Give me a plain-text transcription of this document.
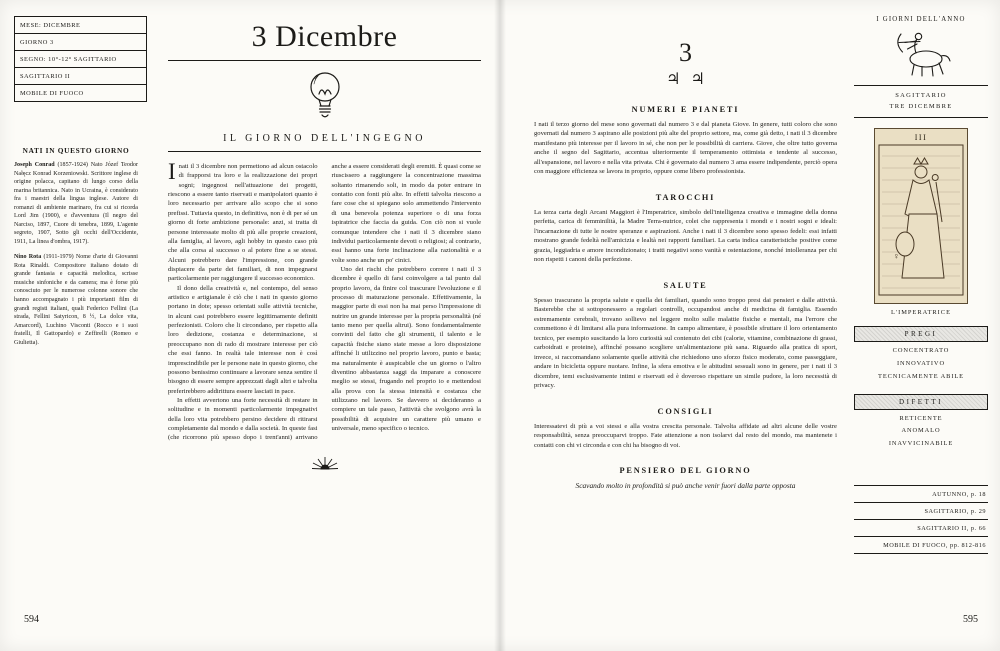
MESE: DICEMBRE
GIORNO 3
SEGNO: 10°-12° SAGITTARIO
SAGITTARIO II
MOBILE DI FUOCO
NATI IN QUESTO GIORNO
Joseph Conrad (1857-1924) Nato Józef Teodor Nałęcz Konrad Korzeniowski. Scrittore inglese di origine polacca, capitano di lungo corso della marina britannica. Nato in Ucraina, è considerato fra i maestri della lingua inglese. Autore di romanzi di ambiente marinaro, fra cui si ricorda Lord Jim (1900), e d'avventura (Il negro del Narciso, 1897, Cuore di tenebra, 1899, L'agente segreto, 1907, Sotto gli occhi dell'Occidente, 1911, La linea d'ombra, 1917).
Nino Rota (1911-1979) Nome d'arte di Giovanni Rota Rinaldi. Compositore italiano dotato di grande fantasia e capacità melodica, scrisse musiche sinfoniche e da camera; ma è forse più conosciuto per le numerose colonne sonore che hanno accompagnato i più importanti film di grandi registi italiani, quali Federico Fellini (La strada, Fellini Satyricon, 8 ½, La dolce vita, Amarcord), Luchino Visconti (Rocco e i suoi fratelli, Il Gattopardo) e Zeffirelli (Romeo e Giulietta).
3 Dicembre
IL GIORNO DELL'INGEGNO

Inati il 3 dicembre non permettono ad alcun ostacolo di frapporsi tra loro e la realizzazione dei propri sogni; ingegnosi nell'attuazione dei progetti, riescono a essere tanto riservati e manipolatori quanto è loro necessario per arrivare allo scopo che si sono prefissi. Tuttavia questo, in definitiva, non è di per sé un giorno di forte ambizione personale: anzi, si tratta di persone interessate molto di più alle proprie creazioni, alla famiglia, al lavoro, agli hobby in questo caso più che alla corsa al successo o al potere fine a se stessi. Alcuni potrebbero dare l'impressione, con grande dispiacere da parte dei familiari, di non impegnarsi particolarmente per raggiungere il successo economico.

Il dono della creatività e, nel contempo, del senso artistico e artigianale è ciò che i nati in questo giorno portano in dote; spesso orientati sulle attività tecniche, in alcuni casi potrebbero essere legittimamente definiti perfezionisti. Coloro che li circondano, per rispetto alla loro dedizione, costanza e determinazione, si preoccupano non di rado di mostrare interesse per ciò che essi fanno. In realtà tale interesse non è così imprescindibile per le persone nate in questo giorno, che possono benissimo continuare a lavorare senza sentire il bisogno di essere sempre apprezzati dagli altri e talvolta preferirebbero addirittura essere lasciati in pace.

In effetti avvertono una forte necessità di restare in solitudine e in momenti particolarmente impegnativi della loro vita potrebbero persino decidere di ritirarsi completamente dal mondo e dalla società. In queste fasi (che ricorrono più spesso dopo i trent'anni) arrivano anche a essere considerati degli eremiti. È quasi come se riuscissero a raggiungere la concentrazione massima soltanto rimanendo soli, in modo da poter entrare in contatto con fonti più alte. In effetti talvolta riescono a fare cose che si spiegano solo ammettendo l'intervento di una benevola potenza superiore o di una forza ispiratrice che faccia da guida. Con ciò non si vuole comunque intendere che i nati il 3 dicembre siano individui particolarmente devoti o religiosi; al contrario, essi hanno una forte inclinazione alla razionalità e a volte sono anche un po' cinici.

Uno dei rischi che potrebbero correre i nati il 3 dicembre è quello di farsi coinvolgere a tal punto dal proprio lavoro, da finire col trascurare l'evoluzione e il processo di maturazione personale. Effettivamente, la maggior parte di essi non ha mai perso l'impressione di nutrire un grande interesse per la propria personalità (né tanto meno per quella altrui). Sono fondamentalmente convinti del fatto che gli strumenti, il talento e le capacità fisiche siano state messe a loro disposizione affinché li utilizzino nel proprio lavoro, punto e basta; ma naturalmente è auspicabile che un giorno o l'altro diventino abbastanza saggi da imparare a conoscere meglio se stessi, frugando nel proprio io e mettendosi alla prova con la stessa intensità e costanza che utilizzano nel lavoro. Se davvero si decideranno a compiere un tale passo, l'attività che svolgono avrà la possibilità di acquisire un carattere più umano e universale, meno specifico o tecnico.

594
3
♃ ♃
NUMERI E PIANETI
I nati il terzo giorno del mese sono governati dal numero 3 e dal pianeta Giove. In genere, tutti coloro che sono governati dal numero 3 aspirano alle posizioni più alte del proprio settore, ma, come già detto, i nati il 3 dicembre manifestano più interesse per il lavoro in sé, che non per le possibilità di carriera. Giove, che oltre tutto governa anche il segno del Sagittario, accentua ulteriormente il temperamento ottimista e tendente al successo, all'espansione, nel lavoro e nella vita privata. Chi è governato dal numero 3 ama essere indipendente, perciò opera con maggiore efficienza se lavora in proprio, oppure come libero professionista.
TAROCCHI
La terza carta degli Arcani Maggiori è l'Imperatrice, simbolo dell'intelligenza creativa e immagine della donna perfetta, carica di femminilità, la Madre Terra-nutrice, colei che rappresenta i mondi e i nostri sogni e ideali: l'incarnazione di tutte le nostre speranze e aspirazioni. Anche i nati il 3 dicembre sono spesso fedeli: essi infatti mostrano grande fedeltà nell'amicizia e lealtà nei rapporti familiari. La carta indica caratteristiche positive come grazia, leggiadria e amore incondizionato; i tratti negativi sono vanità e ostentazione, nonché intolleranza per chi non rispetti i canoni della perfezione.
SALUTE
Spesso trascurano la propria salute e quella dei familiari, quando sono troppo presi dai pensieri e dalle attività. Basterebbe che si sottoponessero a regolari controlli, occupandosi anche di medicina di famiglia. Essendo estremamente cerebrali, trovano sollievo nel leggere molto sulle malattie fisiche e mentali, ma l'errore che commettono è di limitarsi alla pura informazione. In campo alimentare, è possibile sfruttare il loro orientamento tecnico, per esempio suscitando la loro curiosità sul contenuto dei cibi (calorie, vitamine, combinazione di grassi, carboidrati e proteine), affinché possano scegliere un'alimentazione più sana. Riguardo alla pratica di sport, invece, si raccomandano solamente quelle attività che richiedono uno sforzo fisico moderato, come passeggiare, andare in bicicletta oppure nuotare. Infine, la sfera emotiva e le abitudini sessuali sono in genere, per i nati il 3 dicembre, temi esclusivamente intimi e riservati ed è doveroso rispettare un simile pudore, la loro necessità di privacy.
CONSIGLI
Interessatevi di più a voi stessi e alla vostra crescita personale. Talvolta affidate ad altri alcune delle vostre responsabilità, senza preoccuparvi troppo. Fate attenzione a non isolarvi dal resto del mondo, ma mantenete i contatti con chi vi circonda e con chi ha bisogno di voi.
PENSIERO DEL GIORNO
Scavando molto in profondità si può anche venir fuori dalla parte opposta
I GIORNI DELL'ANNO
SAGITTARIO
TRE DICEMBRE
III
♀
L'IMPERATRICE
PREGI
CONCENTRATO
INNOVATIVO
TECNICAMENTE ABILE
DIFETTI
RETICENTE
ANOMALO
INAVVICINABILE
AUTUNNO, p. 18
SAGITTARIO, p. 29
SAGITTARIO II, p. 66
MOBILE DI FUOCO, pp. 812-816
595
